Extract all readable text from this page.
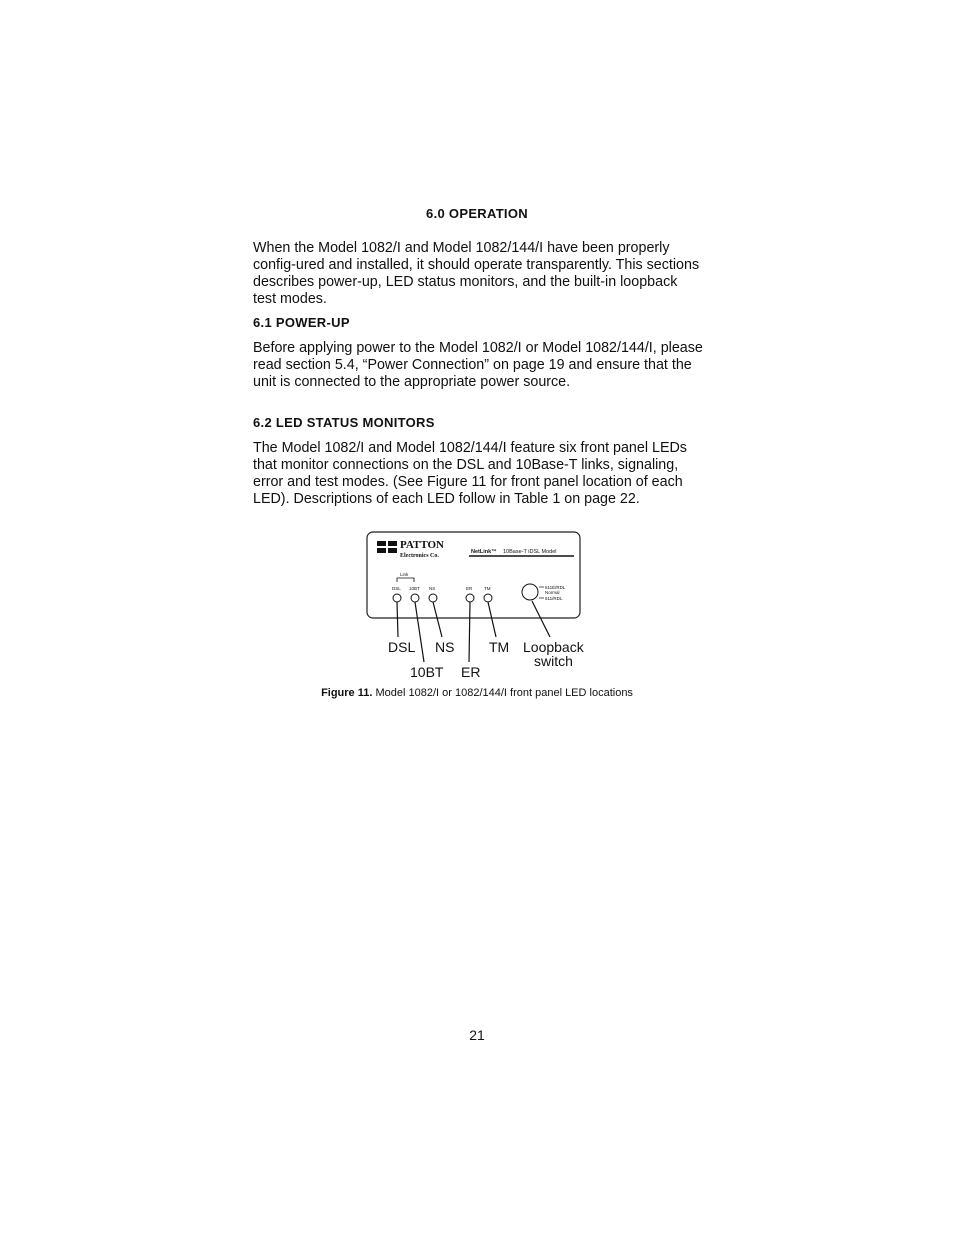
6.0 OPERATION

When the Model 1082/I and Model 1082/144/I have been properly config-ured and installed, it should operate transparently. This sections describes power-up, LED status monitors, and the built-in loopback test modes.

6.1 POWER-UP

Before applying power to the Model 1082/I or Model 1082/144/I, please read section 5.4, “Power Connection” on page 19 and ensure that the unit is connected to the appropriate power source.

6.2 LED STATUS MONITORS

The Model 1082/I and Model 1082/144/I feature six front panel LEDs that monitor connections on the DSL and 10Base-T links, signaling, error and test modes. (See Figure 11 for front panel location of each LED). Descriptions of each LED follow in Table 1 on page 22.

PATTON
Electronics Co.
NetLink™ 10Base-T iDSL Model
Link
DSL 10BT NS	ER	TM	511E/RDL
Normal
511/RDL
DSL NS TM Loopback
switch
10BT ER

Figure 11. Model 1082/I or 1082/144/I front panel LED locations

21
